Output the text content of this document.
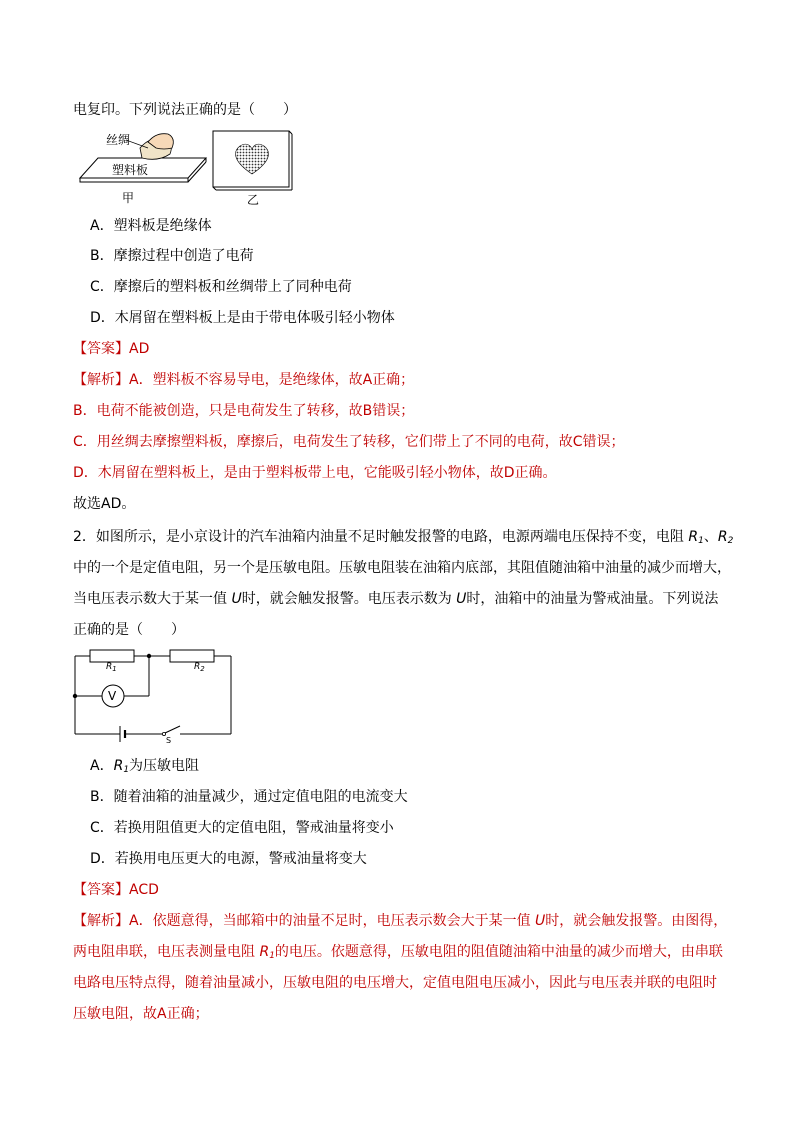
电复印。下列说法正确的是（　　）
丝绸
塑料板
甲	乙
A．塑料板是绝缘体
B．摩擦过程中创造了电荷
C．摩擦后的塑料板和丝绸带上了同种电荷
D．木屑留在塑料板上是由于带电体吸引轻小物体
【答案】AD
【解析】A．塑料板不容易导电，是绝缘体，故A正确；
B．电荷不能被创造，只是电荷发生了转移，故B错误；
C．用丝绸去摩擦塑料板，摩擦后，电荷发生了转移，它们带上了不同的电荷，故C错误；
D．木屑留在塑料板上，是由于塑料板带上电，它能吸引轻小物体，故D正确。
故选AD。
2．如图所示，是小京设计的汽车油箱内油量不足时触发报警的电路，电源两端电压保持不变，电阻 $R_1$、$R_2$
中的一个是定值电阻，另一个是压敏电阻。压敏电阻装在油箱内底部，其阻值随油箱中油量的减少而增大，
当电压表示数大于某一值 U时，就会触发报警。电压表示数为 U时，油箱中的油量为警戒油量。下列说法
正确的是（　　）
$R_1$	$R_2$
V
S
A．$R_1$为压敏电阻
B．随着油箱的油量减少，通过定值电阻的电流变大
C．若换用阻值更大的定值电阻，警戒油量将变小
D．若换用电压更大的电源，警戒油量将变大
【答案】ACD
【解析】A．依题意得，当邮箱中的油量不足时，电压表示数会大于某一值 U时，就会触发报警。由图得，
两电阻串联，电压表测量电阻 $R_1$的电压。依题意得，压敏电阻的阻值随油箱中油量的减少而增大，由串联
电路电压特点得，随着油量减小，压敏电阻的电压增大，定值电阻电压减小，因此与电压表并联的电阻时
压敏电阻，故A正确；
